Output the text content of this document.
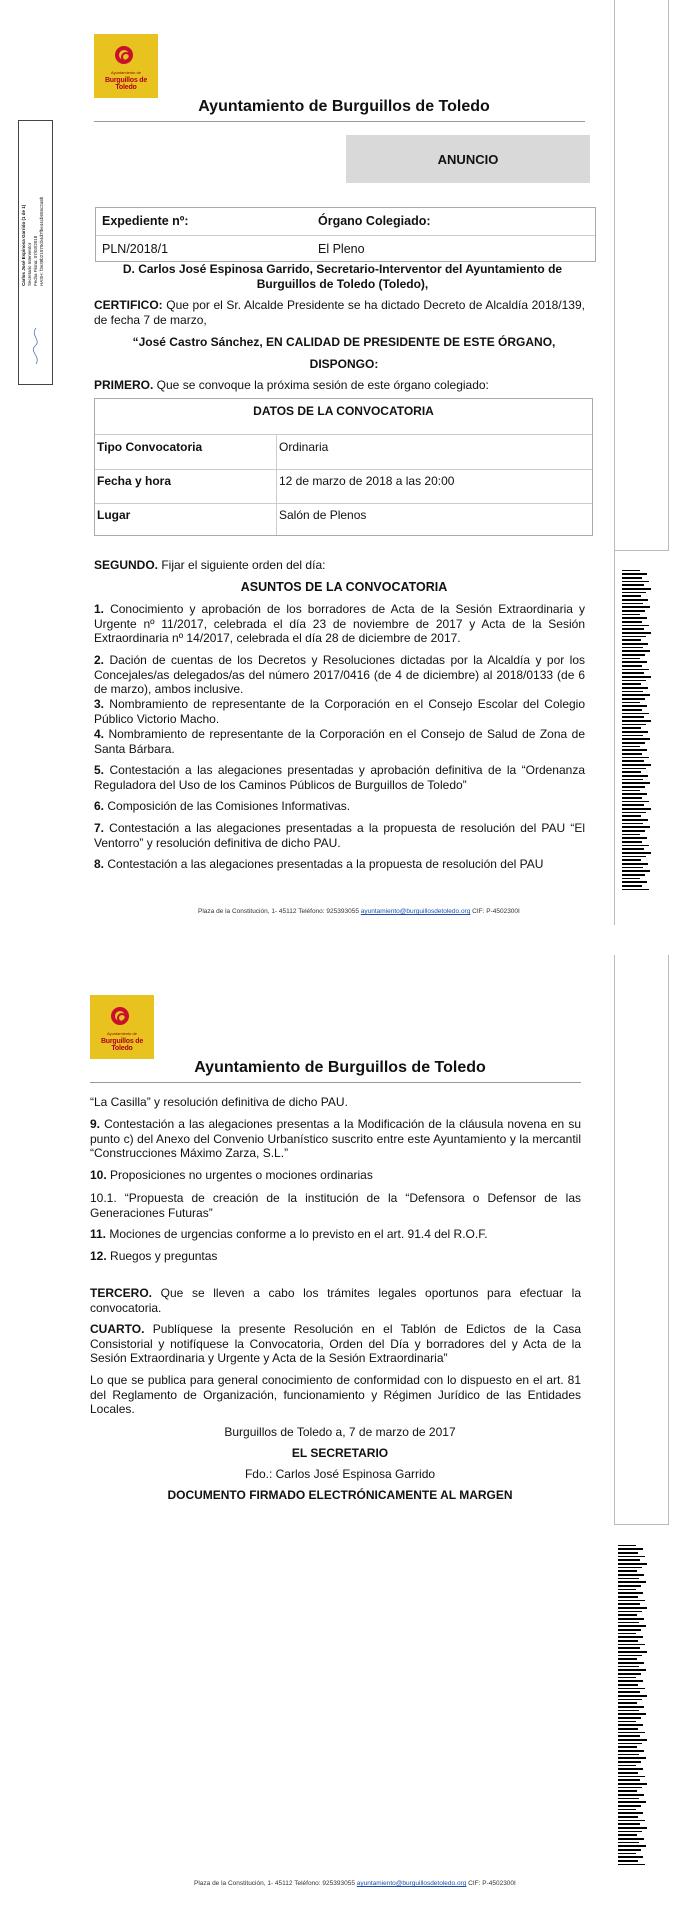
Ayuntamiento de
Burguillos de Toledo
Ayuntamiento de Burguillos de Toledo
Carlos José Espinosa Garrido (1 de 1) Secretario Interventor Fecha Firma: 07/03/2018 HASH: f3e38b21070cb4d7fbe44cb656c2a6b
ANUNCIO
Expediente nº:	Órgano Colegiado:
PLN/2018/1	El Pleno
D. Carlos José Espinosa Garrido, Secretario-Interventor del Ayuntamiento de Burguillos de Toledo (Toledo),
CERTIFICO: Que por el Sr. Alcalde Presidente se ha dictado Decreto de Alcaldía 2018/139, de fecha 7 de marzo,
“José Castro Sánchez, EN CALIDAD DE PRESIDENTE DE ESTE ÓRGANO,
DISPONGO:
PRIMERO. Que se convoque la próxima sesión de este órgano colegiado:
DATOS DE LA CONVOCATORIA
Tipo Convocatoria	Ordinaria
Fecha y hora	12 de marzo de 2018 a las 20:00
Lugar	Salón de Plenos
SEGUNDO. Fijar el siguiente orden del día:
ASUNTOS DE LA CONVOCATORIA
1. Conocimiento y aprobación de los borradores de Acta de la Sesión Extraordinaria y Urgente nº 11/2017, celebrada el día 23 de noviembre de 2017 y Acta de la Sesión Extraordinaria nº 14/2017, celebrada el día 28 de diciembre de 2017.
2. Dación de cuentas de los Decretos y Resoluciones dictadas por la Alcaldía y por los Concejales/as delegados/as del número 2017/0416 (de 4 de diciembre) al 2018/0133 (de 6 de marzo), ambos inclusive.
3. Nombramiento de representante de la Corporación en el Consejo Escolar del Colegio Público Victorio Macho.
4. Nombramiento de representante de la Corporación en el Consejo de Salud de Zona de Santa Bárbara.
5. Contestación a las alegaciones presentadas y aprobación definitiva de la “Ordenanza Reguladora del Uso de los Caminos Públicos de Burguillos de Toledo”
6. Composición de las Comisiones Informativas.
7. Contestación a las alegaciones presentadas a la propuesta de resolución del PAU “El Ventorro” y resolución definitiva de dicho PAU.
8. Contestación a las alegaciones presentadas a la propuesta de resolución del PAU
Plaza de la Constitución, 1- 45112 Teléfono: 925393055 ayuntamiento@burguillosdetoledo.org CIF: P-4502300I
Ayuntamiento de
Burguillos de Toledo
Ayuntamiento de Burguillos de Toledo
“La Casilla” y resolución definitiva de dicho PAU.
9. Contestación a las alegaciones presentas a la Modificación de la cláusula novena en su punto c) del Anexo del Convenio Urbanístico suscrito entre este Ayuntamiento y la mercantil “Construcciones Máximo Zarza, S.L.”
10. Proposiciones no urgentes o mociones ordinarias
10.1. “Propuesta de creación de la institución de la “Defensora o Defensor de las Generaciones Futuras”
11. Mociones de urgencias conforme a lo previsto en el art. 91.4 del R.O.F.
12. Ruegos y preguntas
TERCERO. Que se lleven a cabo los trámites legales oportunos para efectuar la convocatoria.
CUARTO. Publíquese la presente Resolución en el Tablón de Edictos de la Casa Consistorial y notifíquese la Convocatoria, Orden del Día y borradores del y Acta de la Sesión Extraordinaria y Urgente y Acta de la Sesión Extraordinaria”
Lo que se publica para general conocimiento de conformidad con lo dispuesto en el art. 81 del Reglamento de Organización, funcionamiento y Régimen Jurídico de las Entidades Locales.
Burguillos de Toledo a, 7 de marzo de 2017
EL SECRETARIO
Fdo.: Carlos José Espinosa Garrido
DOCUMENTO FIRMADO ELECTRÓNICAMENTE AL MARGEN
Plaza de la Constitución, 1- 45112 Teléfono: 925393055 ayuntamiento@burguillosdetoledo.org CIF: P-4502300I
